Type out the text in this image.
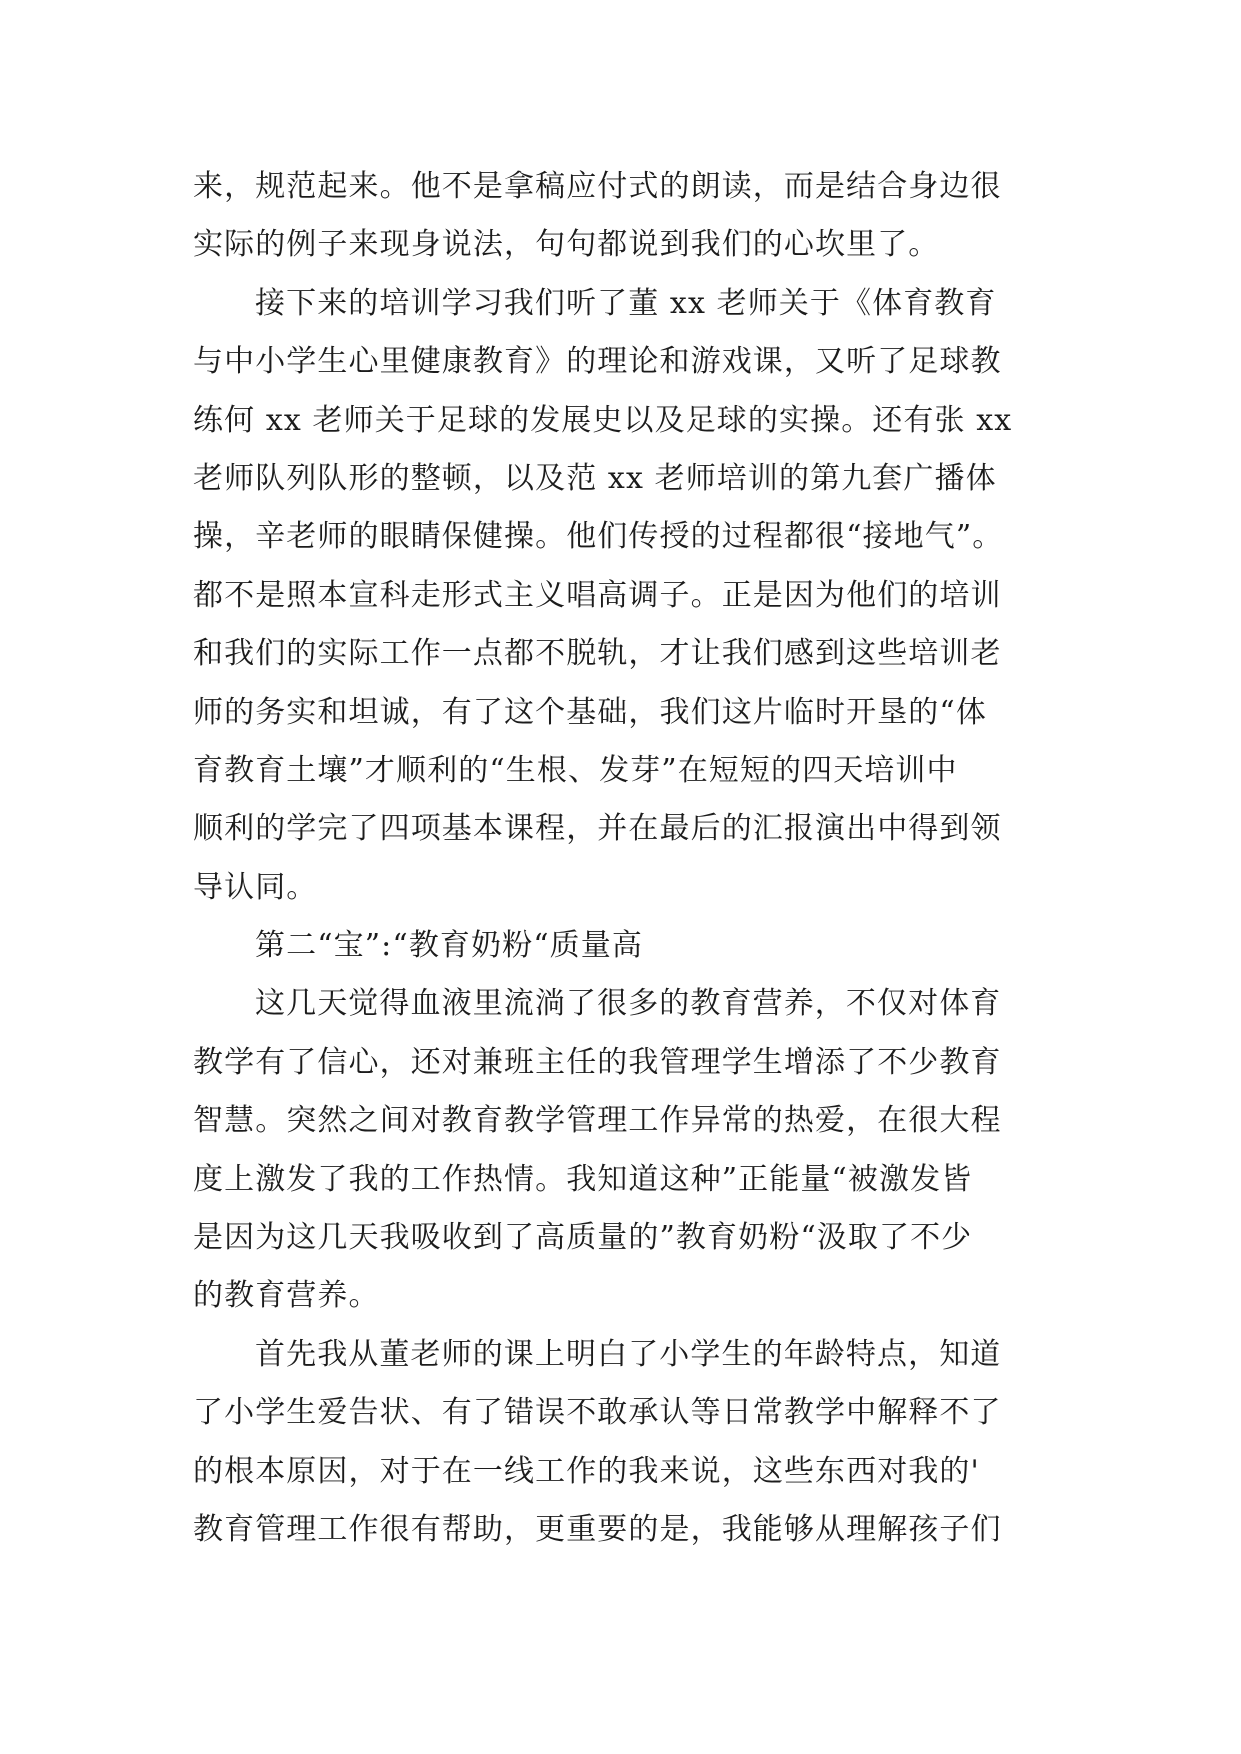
来，规范起来。他不是拿稿应付式的朗读，而是结合身边很
实际的例子来现身说法，句句都说到我们的心坎里了。
接下来的培训学习我们听了董 xx 老师关于《体育教育
与中小学生心里健康教育》的理论和游戏课，又听了足球教
练何 xx 老师关于足球的发展史以及足球的实操。还有张 xx
老师队列队形的整顿，以及范 xx 老师培训的第九套广播体
操，辛老师的眼睛保健操。他们传授的过程都很“接地气”。
都不是照本宣科走形式主义唱高调子。正是因为他们的培训
和我们的实际工作一点都不脱轨，才让我们感到这些培训老
师的务实和坦诚，有了这个基础，我们这片临时开垦的“体
育教育土壤”才顺利的“生根、发芽”在短短的四天培训中
顺利的学完了四项基本课程，并在最后的汇报演出中得到领
导认同。
第二“宝”:“教育奶粉“质量高
这几天觉得血液里流淌了很多的教育营养，不仅对体育
教学有了信心，还对兼班主任的我管理学生增添了不少教育
智慧。突然之间对教育教学管理工作异常的热爱，在很大程
度上激发了我的工作热情。我知道这种”正能量“被激发皆
是因为这几天我吸收到了高质量的”教育奶粉“汲取了不少
的教育营养。
首先我从董老师的课上明白了小学生的年龄特点，知道
了小学生爱告状、有了错误不敢承认等日常教学中解释不了
的根本原因，对于在一线工作的我来说，这些东西对我的'
教育管理工作很有帮助，更重要的是，我能够从理解孩子们
